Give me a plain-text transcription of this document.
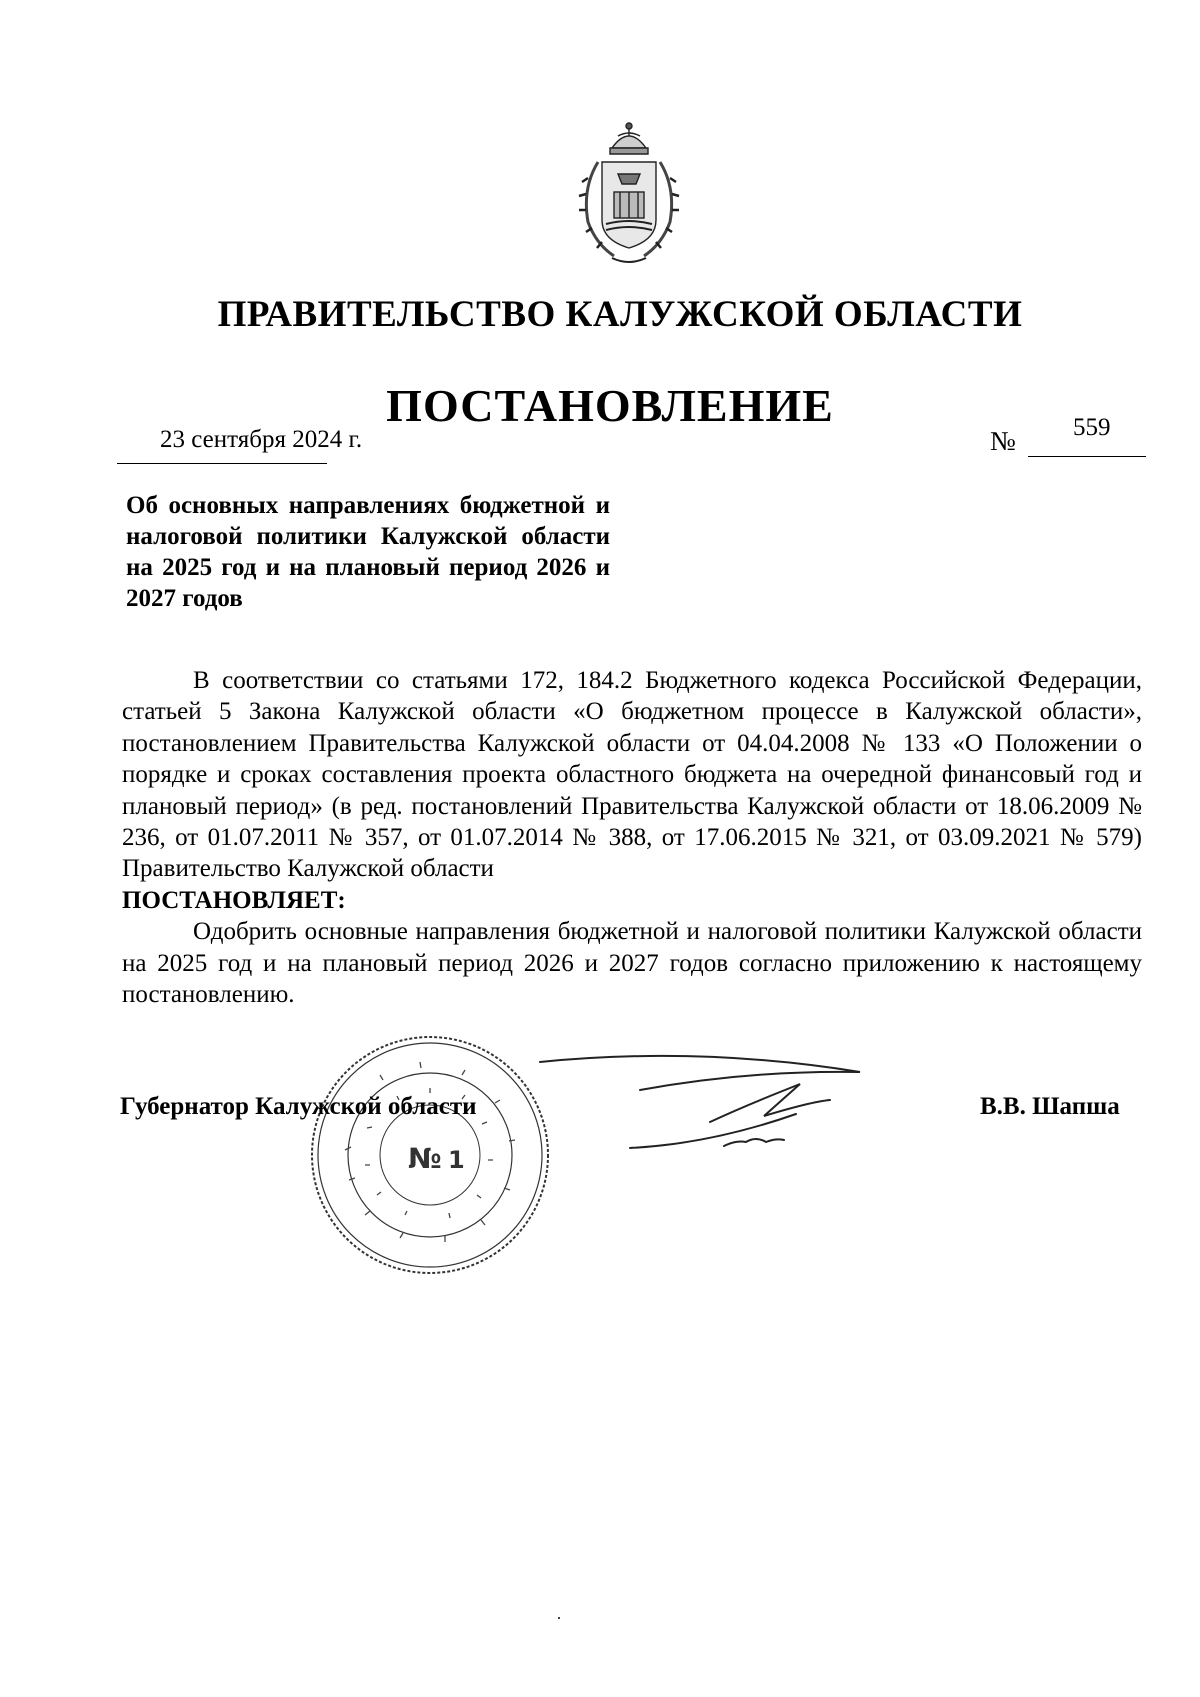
ПРАВИТЕЛЬСТВО КАЛУЖСКОЙ ОБЛАСТИ
ПОСТАНОВЛЕНИЕ
23 сентября 2024 г.	№ 559
Об основных направлениях бюджетной и налоговой политики Калужской области на 2025 год и на плановый период 2026 и 2027 годов

В соответствии со статьями 172, 184.2 Бюджетного кодекса Российской Федерации, статьей 5 Закона Калужской области «О бюджетном процессе в Калужской области», постановлением Правительства Калужской области от 04.04.2008 № 133 «О Положении о порядке и сроках составления проекта областного бюджета на очередной финансовый год и плановый период» (в ред. постановлений Правительства Калужской области от 18.06.2009 № 236, от 01.07.2011 № 357, от 01.07.2014 № 388, от 17.06.2015 № 321, от 03.09.2021 № 579) Правительство Калужской области

ПОСТАНОВЛЯЕТ:

Одобрить основные направления бюджетной и налоговой политики Калужской области на 2025 год и на плановый период 2026 и 2027 годов согласно приложению к настоящему постановлению.

№ 1
Губернатор Калужской области	В.В. Шапша
